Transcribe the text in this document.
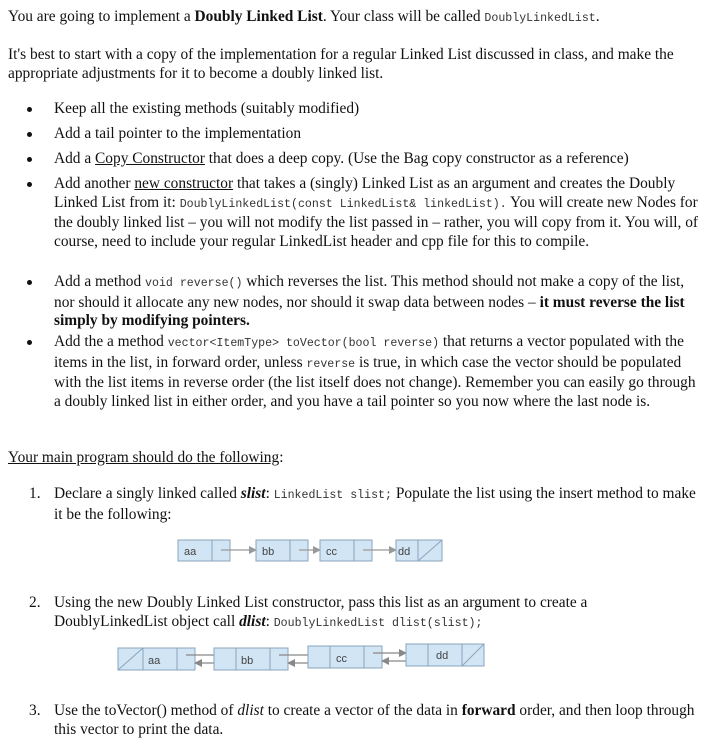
You are going to implement a Doubly Linked List. Your class will be called DoublyLinkedList.

It's best to start with a copy of the implementation for a regular Linked List discussed in class, and make the appropriate adjustments for it to become a doubly linked list.

Keep all the existing methods (suitably modified)
Add a tail pointer to the implementation
Add a Copy Constructor that does a deep copy. (Use the Bag copy constructor as a reference)
Add another new constructor that takes a (singly) Linked List as an argument and creates the Doubly Linked List from it: DoublyLinkedList(const LinkedList& linkedList). You will create new Nodes for the doubly linked list – you will not modify the list passed in – rather, you will copy from it. You will, of course, need to include your regular LinkedList header and cpp file for this to compile.
Add a method void reverse() which reverses the list. This method should not make a copy of the list, nor should it allocate any new nodes, nor should it swap data between nodes – it must reverse the list simply by modifying pointers.
Add the a method vector<ItemType> toVector(bool reverse) that returns a vector populated with the items in the list, in forward order, unless reverse is true, in which case the vector should be populated with the list items in reverse order (the list itself does not change). Remember you can easily go through a doubly linked list in either order, and you have a tail pointer so you now where the last node is.

Your main program should do the following:

1. Declare a singly linked called slist: LinkedList slist; Populate the list using the insert method to make it be the following:
aa	bb	cc	dd
2. Using the new Doubly Linked List constructor, pass this list as an argument to create a DoublyLinkedList object call dlist: DoublyLinkedList dlist(slist);
aa	bb	cc	dd
3. Use the toVector() method of dlist to create a vector of the data in forward order, and then loop through this vector to print the data.
